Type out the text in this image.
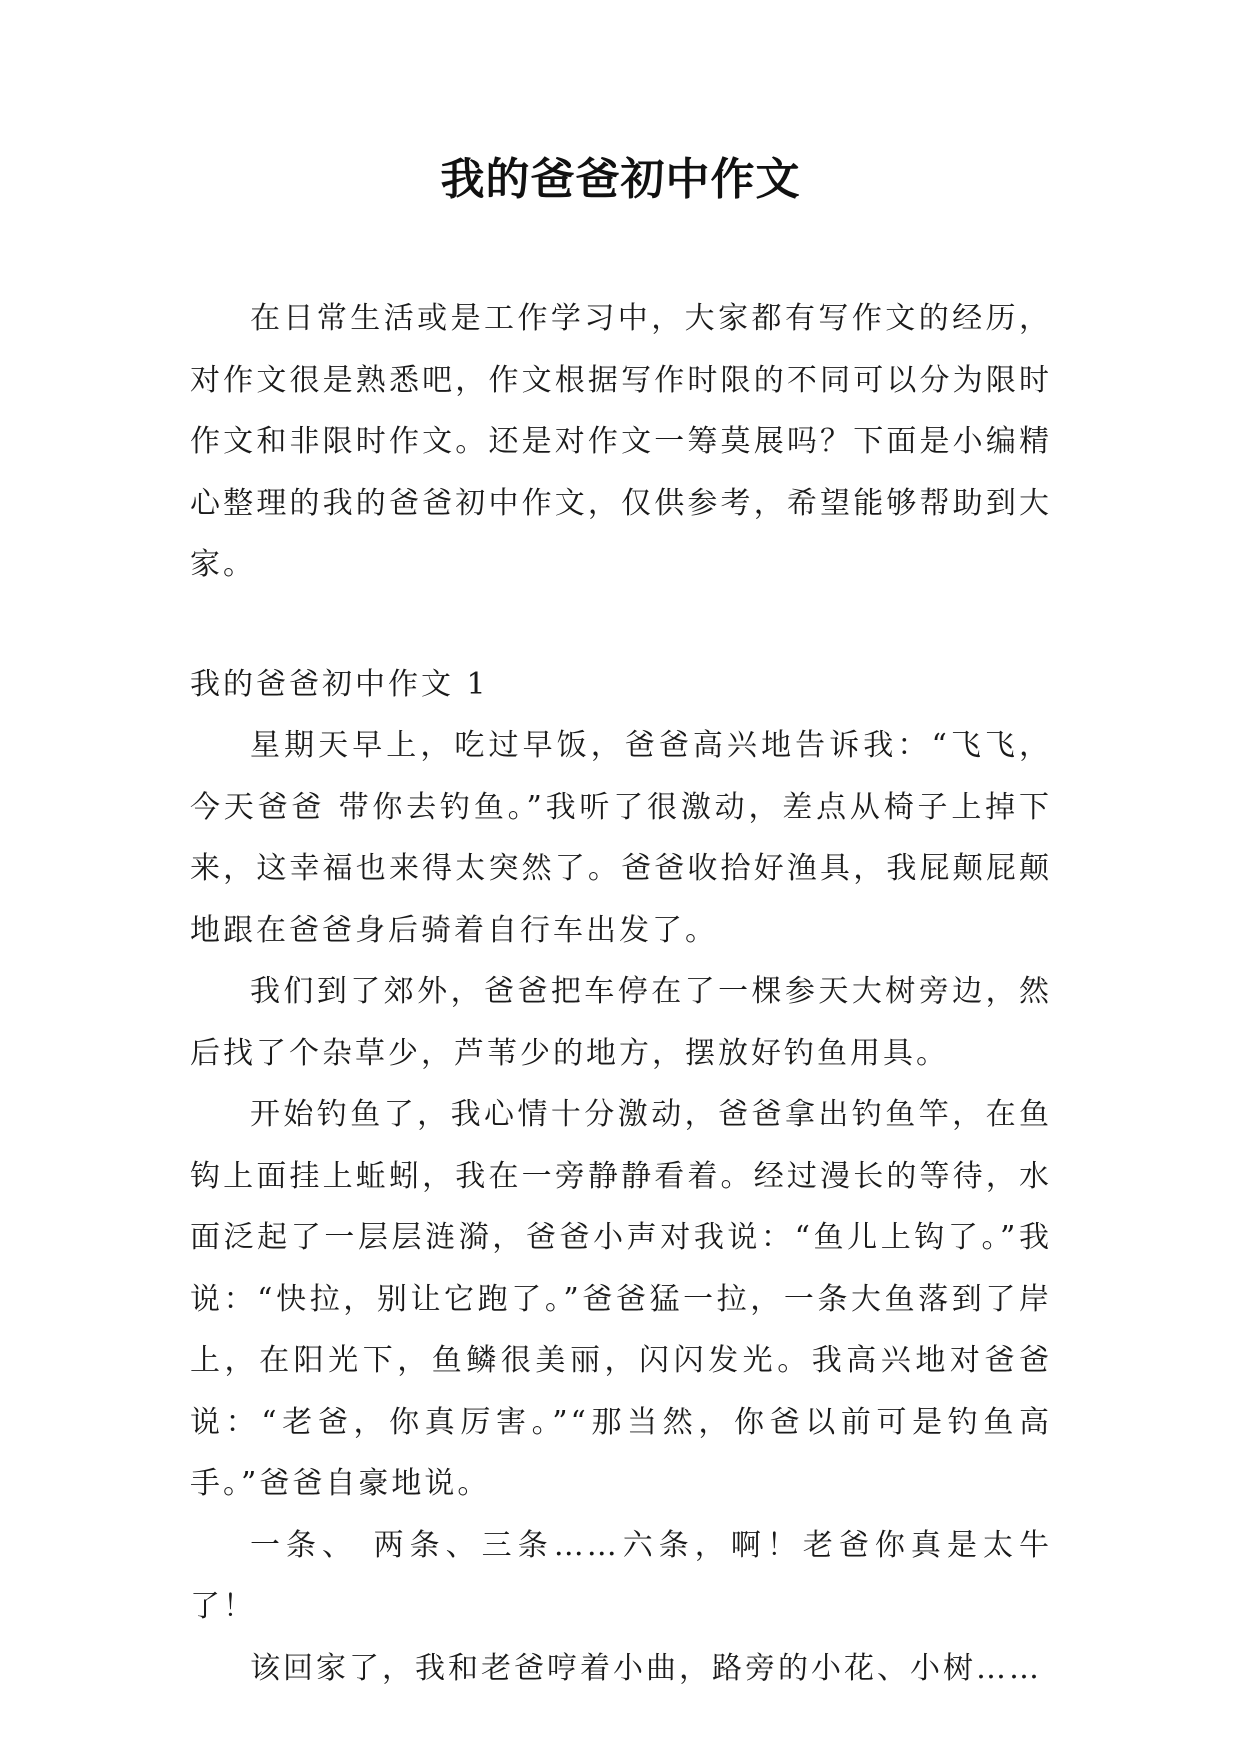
我的爸爸初中作文

在日常生活或是工作学习中，大家都有写作文的经历，对作文很是熟悉吧，作文根据写作时限的不同可以分为限时作文和非限时作文。还是对作文一筹莫展吗？下面是小编精心整理的我的爸爸初中作文，仅供参考，希望能够帮助到大家。

我的爸爸初中作文 1

星期天早上，吃过早饭，爸爸高兴地告诉我：“飞飞，今天爸爸 带你去钓鱼。”我听了很激动，差点从椅子上掉下来，这幸福也来得太突然了。爸爸收拾好渔具，我屁颠屁颠地跟在爸爸身后骑着自行车出发了。

我们到了郊外，爸爸把车停在了一棵参天大树旁边，然后找了个杂草少，芦苇少的地方，摆放好钓鱼用具。

开始钓鱼了，我心情十分激动，爸爸拿出钓鱼竿，在鱼钩上面挂上蚯蚓，我在一旁静静看着。经过漫长的等待，水面泛起了一层层涟漪，爸爸小声对我说：“鱼儿上钩了。”我说：“快拉，别让它跑了。”爸爸猛一拉，一条大鱼落到了岸上，在阳光下，鱼鳞很美丽，闪闪发光。我高兴地对爸爸说：“老爸，你真厉害。”“那当然，你爸以前可是钓鱼高手。”爸爸自豪地说。

一条、 两条、三条……六条，啊！老爸你真是太牛了！

该回家了，我和老爸哼着小曲，路旁的小花、小树……
